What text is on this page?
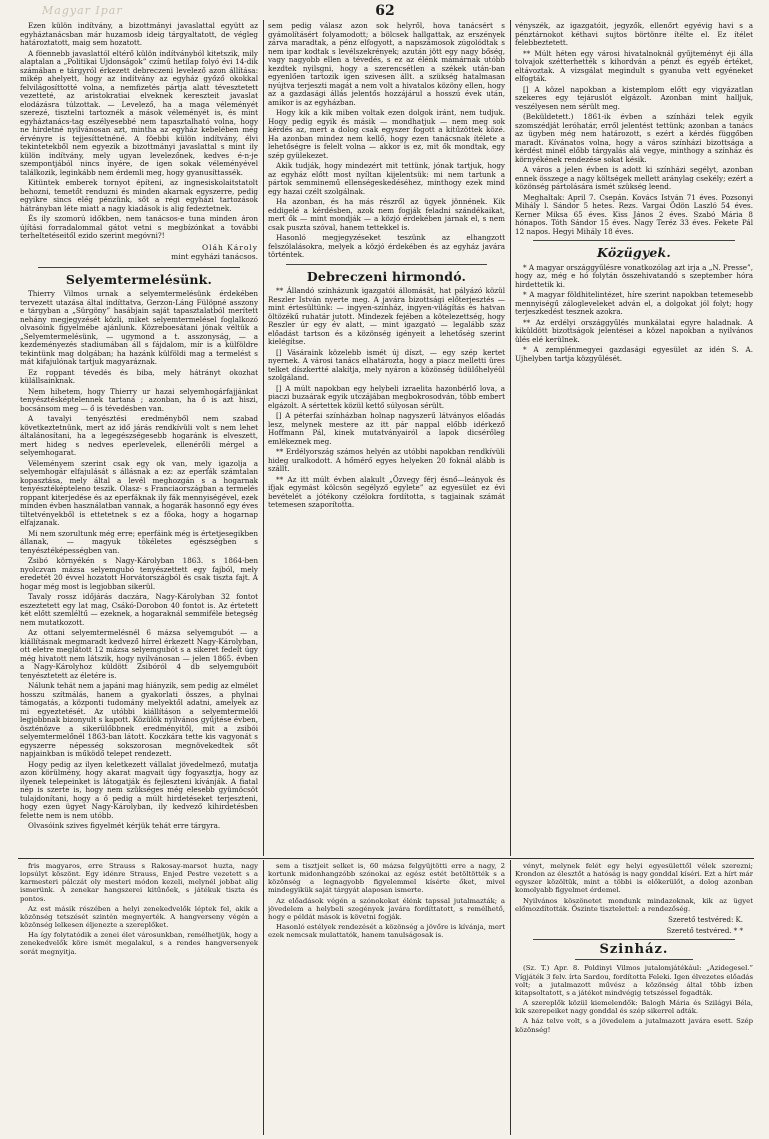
Magyar Ipar	62

Ezen külön indítvány, a bizottmányi javaslattal együtt az egyháztanácsban már huzamosb ideig tárgyaltatott, de végleg határoztatott, maig sem hozatott.

A föennebb javaslattól eltérő külön indítványból kitetszik, mily alaptalan a „Politikai Ujdonságok” czímű hetilap folyó évi 14-dik számában e tárgyról érkezett debreczeni levelező azon állítása: mikép ahelyett, hogy az indítvány az egyház győző okokkal felvilágosíttotté volna, a nemfizetés pártja alatt tévesztetett vezetteté, az aristokratiai elveknek kereszteit javaslat elodázásra túlzottak. — Levelező, ha a maga véleményét szerezé, tisztelni tartoznék a mások véleményét is, és mint egyháztanács-tag eszélyesebbé nem tapasztalható volna, hogy ne hírdetné nyilvánosan azt, mintha az egyház kebelében még érvényre is tejjesíttetnéné. A föebbi külön indítvány, élvi tekintetekből nem egyezik a bizottmányi javaslattal s mint ily külön indítvány, mely ugyan levelezőnek, kedves é-n-je szempontjából nincs ínyére, de igen sokak véleményével találkozik, leginkább nem érdemli meg, hogy gyanusíttassék.

Kitüntek emberek tornyot építeni, az ingnesiskolaitstatolt behozni, temetőt renduzni és minden akarnak egyszerre, pedig egyikre sincs elég pénzünk, sőt a régi egyházi tartozások hátrányban léte miatt a nagy kiadások is alig fedeztetnek.

És ily szomorú időkben, nem tanácsos-e tuna minden áron újítási forradalommal gátot vetni s megbízónkat a további terheltetéseitől ezido szerint megóvni?!

Oláh Károly
mint egyházi tanácsos.
Selyemtermelésünk.

Thierry Vilmos urnak a selyemtermelésünk érdekében tervezett utazása által indíttatva, Gerzon-Láng Fülöpné asszony e tárgyban a „Sürgöny” hasábjain saját tapasztalatból merített nehány megjegyzését közli, miket selyemtermelésel foglalkozó olvasóink figyelmébe ajánlunk. Közreboesátani jónak véltük a „Selyemtermelésünk, — ugymond a t. asszonyság, — a kezdeményezés stadiumában áll s fájdalom, mír is a külföldre tekintünk mag dolgában; ha hazánk külföldi mag a termelést s mát kifajulónak tartjuk magyaráznak.

Ez roppant tévedés és biba, mely hátrányt okozhat külállsainknak.

Nem hihetem, hogy Thierry ur hazai selyemhogárfajjánkat tenyésztésképtelennek tartaná ; azonban, ha ő is azt hiszi, bocsánsom meg — ő is tévedésben van.

A tavalyi tenyésztési eredményből nem szabad következtetnünk, mert az idő járás rendkívüli volt s nem lehet általánosítani, ha a legegészségesebb hogaránk is elveszett, mert hideg s nedves eperlevelek, ellenérőli mérgel a selyemhogarat.

Véleményem szerint csak egy ok van, mely igazolja a selyemhogár elfajulását s állásnak a ez: az eperfák számtalan kopasztása, mely által a levél meghozgán s a hogarnak tenyésztéképteleno teszik. Olasz- s Franciaországban a termelés roppant kiterjedése és az eperfáknak ily fák mennyiségével, ezek minden évben használatban vannak, a hogarák hasonnő egy éves tiltetvényekből is ettetetnek s ez a főoka, hogy a hogarnap elfajzanak.

Mi nem szorultunk még erre; eperfáink még is értetjesegikben állanak, — magyuk tökéletes egészségben s tenyésztéképességben van.

Zsibó környékén s Nagy-Károlyban 1863. s 1864-ben nyolczvan mázsa selyemgubó tenyészettett egy fajból, mely eredetét 20 évvel hozatott Horvátországból és csak tiszta fajt. A hogar még most is legjobban sikerül.

Tavaly rossz időjárás daczára, Nagy-Károlyban 32 fontot eszeztetett egy lat mag, Csákó-Dorobon 40 fontot is. Az értetett két előtt szemléltű — ezeknek, a hogaraknál semmiféle betegség nem mutatkozott.

Az ottani selyemtermelésnél 6 mázsa selyemgubót — a kiállításnak megmaradt kedvező hírrel érkezett Nagy-Károlyban, ott eletre meglátott 12 mázsa selyemgubót s a sikeret fedelt úgy még hivatott nem látszik, hogy nyilvánosan — jelen 1865. évben a Nagy-Károlyhoz küldött Zsibóról 4 db selyemgubóit tenyésztetett az életére is.

Nálunk tehát nem a japáni mag hiányzik, sem pedig az elmélet hosszu szítmálás, hanem a gyakorlati összes, a phylnai támogatás, a központi tudomány melyektől adatni, amelyek az mi egyeztetését. Az utóbbi kiállításon a selyemtermelői legjobbnak bizonyult s kapott. Közülök nyilvános gyűjtése évben, öszténözve a sikerülőbbnek eredményitől, mit a zsibói selyemtermelőnél 1863-ban látott. Koczkára tette kis vagyonát s egyszerre népesség sokszorosan megnövekedtek sőt napjainkban is működő telepet rendezett.

Hogy pedig az ilyen keletkezett vállalat jövedelmező, mutatja azon körülmény, hogy akarat magvait úgy fogyasztja, hogy az ilyenek telepeinket is látogatják és fejleszteni kívánják. A fiatal nép is szerte is, hogy nem szükséges még elesebb gyümöcsöt tulajdonítani, hogy a ő pedig a múlt hirdetéseket terjeszteni, hogy ezen ügyet Nagy-Károlyban, ily kedvező kihirdetésben felette nem is nem utóbb.

Olvasóink szives figyelmét kérjük tehát erre tárgyra.

sem pedig válasz azon sok helyről, hova tanácsért s gyámolításért folyamodott; a bölcsek hallgattak, az erszények zárva maradtak, a pénz elfogyott, a napszámosok zúgolódtak s nem ipar kodtak s levélszekrények; azután jött egy nagy bőség, vagy nagyobb ellen a tévedés, s ez az élénk mámárnak utóbb kezdtek nyilsgni, hogy a szerencsétlen a székek után-ban egyenlően tartozik igen szivesen állt. a szükség hatalmasan nyújtva terjeszti magát a nem volt a hivatalos közöny ellen, hogy az a gazdasági állás jelentős hozzájárul a hosszú évek után, amikor is az egyházban.

Hogy kik a kik miben voltak ezen dolgok iránt, nem tudjuk. Hogy pedig egyik és másik — mondhatjuk — nem meg sok kérdés az, mert a dolog csak egyszer fogott a kitűzöttek közé. Ha azonban mindez nem kellő, hogy ezen tanácsnak ítélete a lehetőségre is felelt volna — akkor is ez, mit ők mondtak, egy szép gyülekezet.

Akik tudják, hogy mindezért mit tettünk, jónak tartjuk, hogy az egyház előtt most nyíltan kijelentsük: mi nem tartunk a pártok semminemű ellenségeskedéséhez, minthogy ezek mind egy hazai czélt szolgálnak.

Ha azonban, és ha más részről az ügyek jönnének. Kik eddigelé a kérdésben, azok nem fogják feladni szándékaikat, mert ők — mint mondják — a közjó érdekében járnak el, s nem csak puszta szóval, hanem tettekkel is.

Hasonló megjegyzéseket teszünk az elhangzott felszólalásokra, melyek a közjó érdekében és az egyház javára történtek.

Debreczeni hirmondó.

** Állandó színházunk igazgatói állomását, hat pályázó közül Reszler István nyerte meg. A javára bizottsági előterjesztés — mint értesültünk: — ingyen-színház, ingyen-világítás és hatvan öltözékű ruhatár jutott. Mindezek fejében a kötelezettség, hogy Reszler úr egy év alatt, — mint igazgató — legalább száz előadást tartson és a közönség igényeit a lehetőség szerint kielégítse.

[] Vásáraink közelebb ismét új díszt, — egy szép kertet nyernek. A városi tanács elhatározta, hogy a piacz melletti üres telket díszkertté alakítja, mely nyáron a közönség üdülőhelyéül szolgáland.

[] A múlt napokban egy helybeli izraelita hazonbérlő lova, a piaczi buzaárak egyik utczájában megbokrosodván, több embert elgázolt. A sértettek közül kettő súlyosan sérült.

[] A péterfai színházban holnap nagyszerű látványos előadás lesz, melynek mestere az itt pár nappal előbb idérkező Hoffmann Pál, kinek mutatványairól a lapok dicsérőleg emlékeznek meg.

** Erdélyország számos helyén az utóbbi napokban rendkívüli hideg uralkodott. A hőmérő egyes helyeken 20 foknál alább is szállt.

** Az itt múlt évben alakult „Özvegy férj ésnő—leányok és ifjak egymást kölcsön segélyző egylete” az egyesület ez évi bevételét a jótékony czélokra fordította, s tagjainak számát tetemesen szaporította.

vényszék, az igazgatóit, jegyzők, ellenőrt egyévig havi s a pénztárnokot kéthavi sujtos börtönre ítélte el. Ez ítélet felebbeztetett.

** Múlt héten egy városi hivatalnoknál gyűjteményt éji álla tolvajok szétterhették s kihordván a pénzt és egyéb értéket, eltávoztak. A vizsgálat megindult s gyanuba vett egyéneket elfogták.

[] A közel napokban a kistemplom előtt egy vigyázatlan szekeres egy tejáruslót elgázolt. Azonban mint halljuk, veszélyesen nem sérült meg.

(Beküldetett.) 1861-ik évben a színházi telek egyik szomszédját leróhatár, erről jelentést tettünk; azonban a tanács az ügyben még nem határozott, s ezért a kérdés függőben maradt. Kívánatos volna, hogy a város színházi bizottsága a kérdést minél előbb tárgyalás alá vegye, minthogy a színház és környékének rendezése sokat késik.

A város a jelen évben is adott ki színházi segélyt, azonban ennek összege a nagy költségek mellett aránylag csekély; ezért a közönség pártolására ismét szükség leend.

Meghaltak: April 7. Csepán. Kovács István 71 éves. Pozsonyi Mihály l. Sándor 5 hetes. Rezs. Vargai Ödön Laszló 54 éves. Kerner Miksa 65 éves. Kiss János 2 éves. Szabó Mária 8 hónapos. Tóth Sándor 15 éves. Nagy Teréz 33 éves. Fekete Pál 12 napos. Hegyi Mihály 18 éves.

Közügyek.

* A magyar országgyűlésre vonatkozólag azt irja a „N. Presse”, hogy az, még e hó folytán összehivatandó s szeptember hóra hirdettetik ki.

* A magyar földhitelintézet, híre szerint napokban tetemesebb mennyiségű zálogleveleket adván el, a dolgokat jól folyt; hogy terjeszkedést tesznek azokra.

** Az erdélyi országgyűlés munkálatai egyre haladnak. A kiküldött bizottságok jelentései a közel napokban a nyilvános ülés elé kerülnek.

* A zemplénmegyei gazdasági egyesület az idén S. A. Ujhelyben tartja közgyűlését.

fris magyaros, erre Strauss s Rakosay-marsot huzta, nagy lopsúlyt köszönt. Egy idénre Strauss, Enjed Pestre vezetett s a karmesteri pálczát oly mesteri módon kezeli, melynél jobbat alig ismerünk. A zenekar hangszerei kitűnőek, s játékuk tiszta és pontos.

Az est másik részében a helyi zenekedvelők léptek fel, akik a közönség tetszését szintén megnyerték. A hangverseny végén a közönség lelkesen éljenezte a szereplőket.

Ha így folytatódik a zenei élet városunkban, remélhetjük, hogy a zenekedvelők köre ismét megalakul, s a rendes hangversenyek sorát megnyitja.

sem a tisztjeit selket is, 60 mázsa felgyüjtötti erre a nagy, 2 kortunk midonhangzóbb szónokai az egész estét betöltötték s a közönség a legnagyobb figyelemmel kísérte őket, mivel mindegyikük saját tárgyát alaposan ismerte.

Az előadások végén a szónokokat élénk tapssal jutalmazták; a jövedelem a helybeli szegények javára fordíttatott, s remélhető, hogy e példát mások is követni fogják.

Hasonló estélyek rendezését a közönség a jövőre is kívánja, mert ezek nemcsak mulattatók, hanem tanulságosak is.

vényt, melynek felét egy helyi egyesülettől vélek szerezni; Krondon az élesztőt a hatóság is nagy gonddal kíséri. Ezt a hírt már egyszer közöltük, mint a többi is előkerülőt, a dolog azonban komolyabb figyelmet érdemel.

Nyilvános köszönetet mondunk mindazoknak, kik az ügyet előmozdították. Őszinte tisztelettel: a rendezőség.

Szerető testvéred: K.
Szerető testvéred. * *
Szinház.

(Sz. T.) Apr. 8. Poldinyi Vilmos jutalomjátékául: „Azidegesel.” Vígjáték 3 felv. írta Sardou, fordította Feleki. Igen élvezetes előadás volt; a jutalmazott művész a közönség által több ízben kitapsoltatott, s a játékot mindvégig tetszéssel fogadták.

A szereplők közül kiemelendők: Balogh Mária és Szilágyi Béla, kik szerepeiket nagy gonddal és szép sikerrel adták.

A ház telve volt, s a jövedelem a jutalmazott javára esett. Szép közönség!
